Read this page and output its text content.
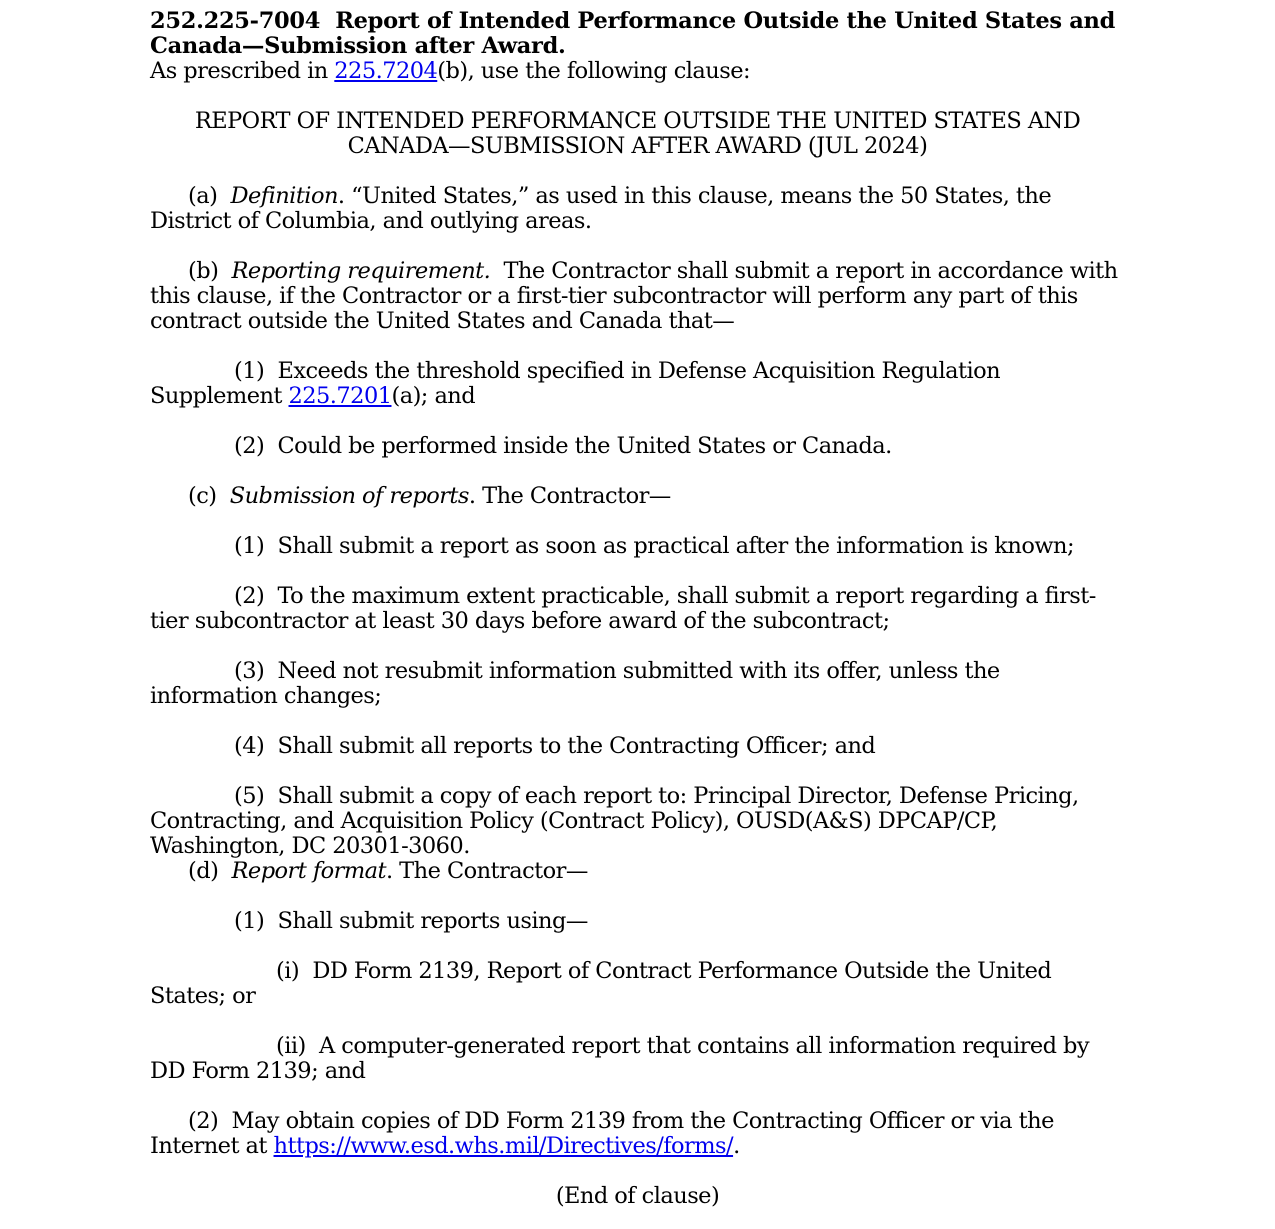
252.225-7004 Report of Intended Performance Outside the United States and Canada—Submission after Award.

As prescribed in 225.7204(b), use the following clause:

REPORT OF INTENDED PERFORMANCE OUTSIDE THE UNITED STATES AND CANADA—SUBMISSION AFTER AWARD (JUL 2024)

(a) Definition. “United States,” as used in this clause, means the 50 States, the District of Columbia, and outlying areas.

(b) Reporting requirement. The Contractor shall submit a report in accordance with this clause, if the Contractor or a first-tier subcontractor will perform any part of this contract outside the United States and Canada that—

(1) Exceeds the threshold specified in Defense Acquisition Regulation Supplement 225.7201(a); and

(2) Could be performed inside the United States or Canada.

(c) Submission of reports. The Contractor—

(1) Shall submit a report as soon as practical after the information is known;

(2) To the maximum extent practicable, shall submit a report regarding a first-tier subcontractor at least 30 days before award of the subcontract;

(3) Need not resubmit information submitted with its offer, unless the information changes;

(4) Shall submit all reports to the Contracting Officer; and

(5) Shall submit a copy of each report to: Principal Director, Defense Pricing, Contracting, and Acquisition Policy (Contract Policy), OUSD(A&S) DPCAP/CP, Washington, DC 20301-3060.

(d) Report format. The Contractor—

(1) Shall submit reports using—

(i) DD Form 2139, Report of Contract Performance Outside the United States; or

(ii) A computer-generated report that contains all information required by DD Form 2139; and

(2) May obtain copies of DD Form 2139 from the Contracting Officer or via the Internet at https://www.esd.whs.mil/Directives/forms/.

(End of clause)
